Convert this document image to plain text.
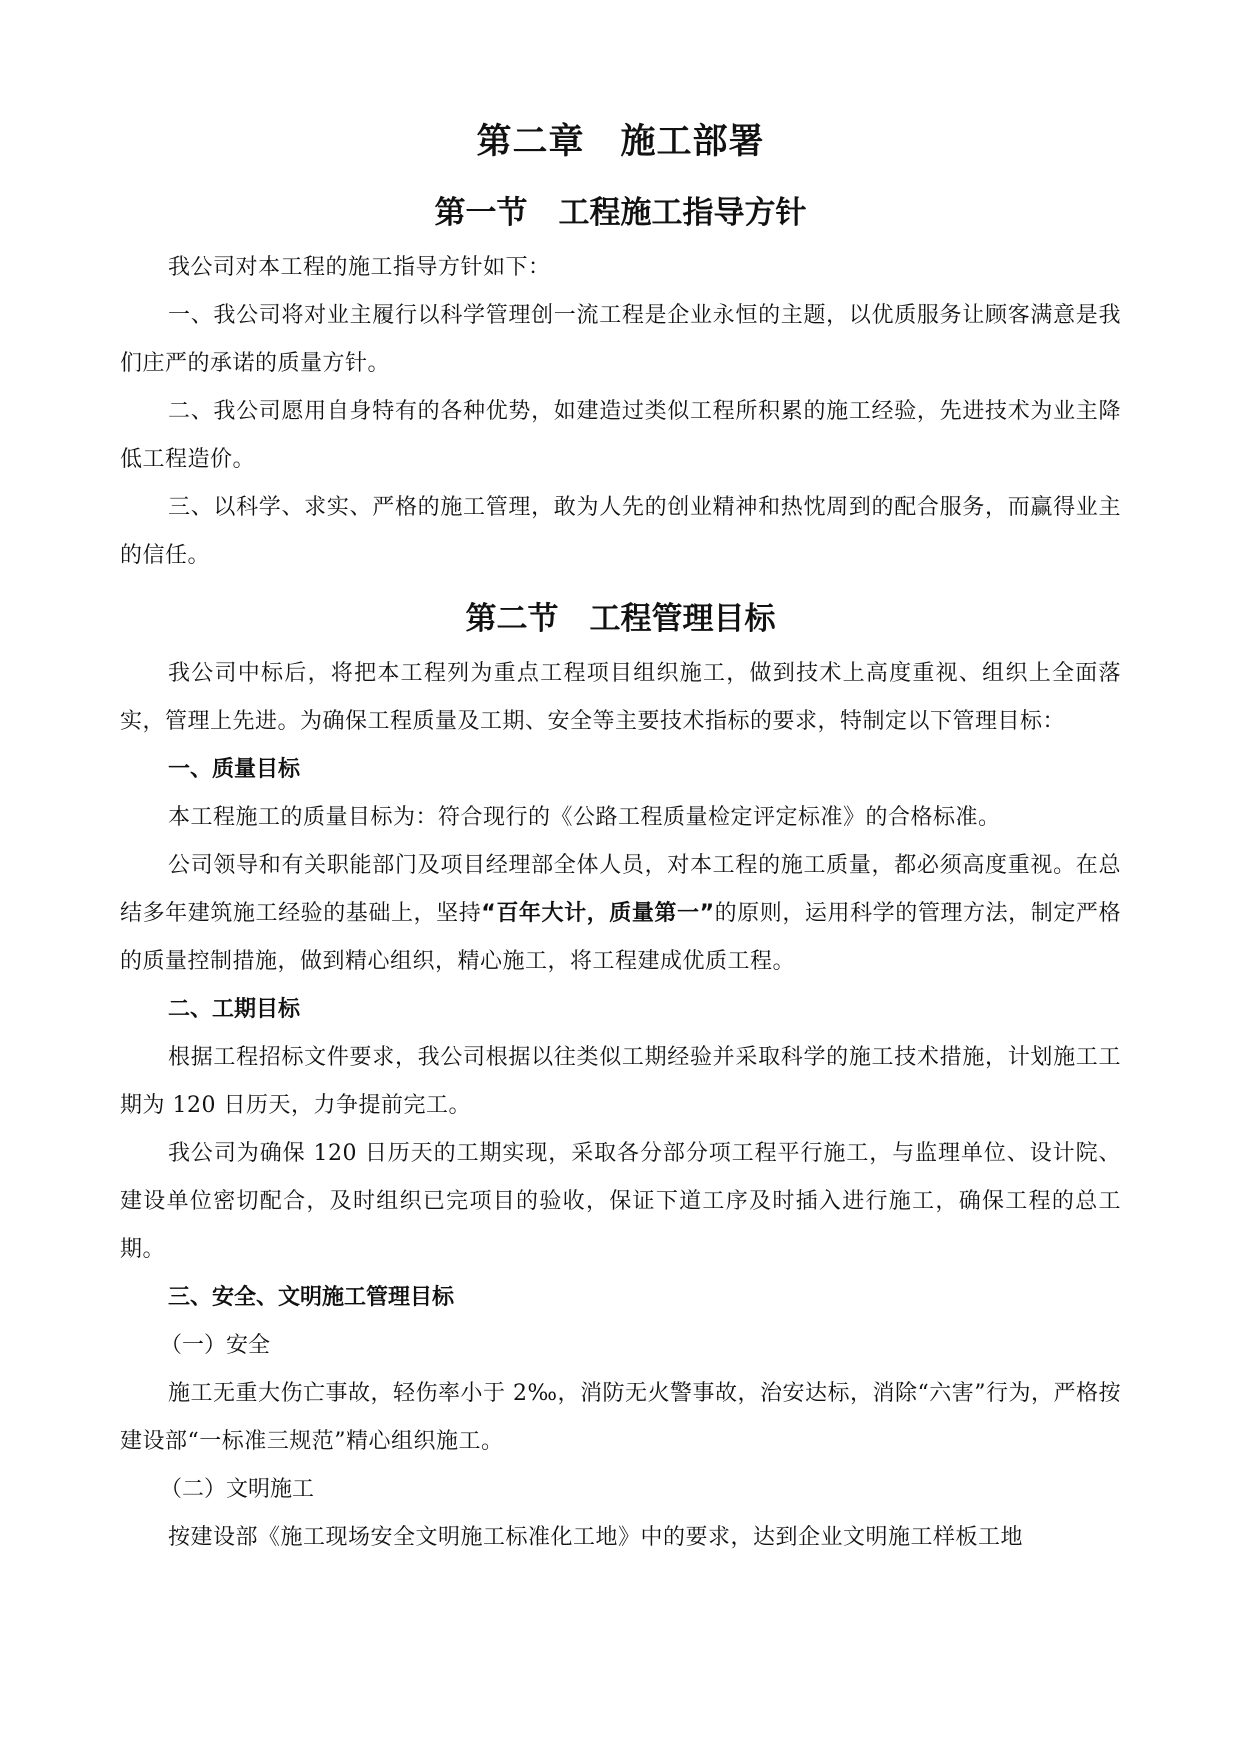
第二章　施工部署
第一节　工程施工指导方针

我公司对本工程的施工指导方针如下：

一、我公司将对业主履行以科学管理创一流工程是企业永恒的主题，以优质服务让顾客满意是我们庄严的承诺的质量方针。

二、我公司愿用自身特有的各种优势，如建造过类似工程所积累的施工经验，先进技术为业主降低工程造价。

三、以科学、求实、严格的施工管理，敢为人先的创业精神和热忱周到的配合服务，而赢得业主的信任。

第二节　工程管理目标

我公司中标后，将把本工程列为重点工程项目组织施工，做到技术上高度重视、组织上全面落实，管理上先进。为确保工程质量及工期、安全等主要技术指标的要求，特制定以下管理目标：

一、质量目标

本工程施工的质量目标为：符合现行的《公路工程质量检定评定标准》的合格标准。

公司领导和有关职能部门及项目经理部全体人员，对本工程的施工质量，都必须高度重视。在总结多年建筑施工经验的基础上，坚持“百年大计，质量第一”的原则，运用科学的管理方法，制定严格的质量控制措施，做到精心组织，精心施工，将工程建成优质工程。

二、工期目标

根据工程招标文件要求，我公司根据以往类似工期经验并采取科学的施工技术措施，计划施工工期为 120 日历天，力争提前完工。

我公司为确保 120 日历天的工期实现，采取各分部分项工程平行施工，与监理单位、设计院、建设单位密切配合，及时组织已完项目的验收，保证下道工序及时插入进行施工，确保工程的总工期。

三、安全、文明施工管理目标

（一）安全

施工无重大伤亡事故，轻伤率小于 2‰，消防无火警事故，治安达标，消除“六害”行为，严格按建设部“一标准三规范”精心组织施工。

（二）文明施工

按建设部《施工现场安全文明施工标准化工地》中的要求，达到企业文明施工样板工地
